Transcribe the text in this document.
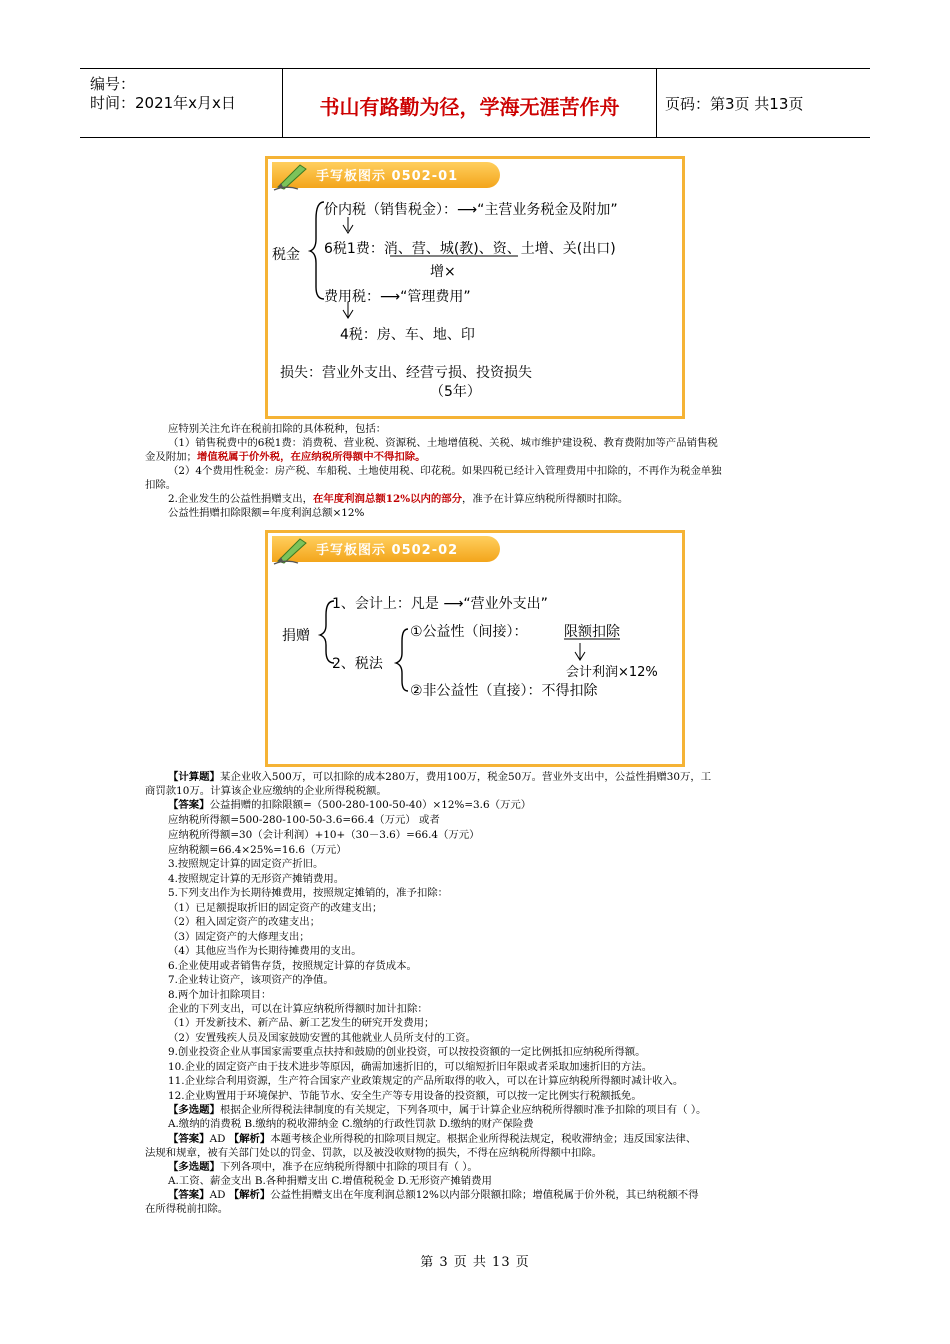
编号：
时间：2021年x月x日	书山有路勤为径，学海无涯苦作舟	页码：第3页 共13页
手写板图示 0502-01
税金
价内税（销售税金）：⟶“主营业务税金及附加”
6税1费：消、营、城(教)、资、土增、关(出口)
增×
费用税：⟶“管理费用”
4税：房、车、地、印
损失：营业外支出、经营亏损、投资损失
（5年）
应特别关注允许在税前扣除的具体税种，包括：
（1）销售税费中的6税1费：消费税、营业税、资源税、土地增值税、关税、城市维护建设税、教育费附加等产品销售税
金及附加；增值税属于价外税，在应纳税所得额中不得扣除。
（2）4个费用性税金：房产税、车船税、土地使用税、印花税。如果四税已经计入管理费用中扣除的，不再作为税金单独
扣除。
2.企业发生的公益性捐赠支出，在年度利润总额12%以内的部分，准予在计算应纳税所得额时扣除。
公益性捐赠扣除限额=年度利润总额×12%
手写板图示 0502-02
捐赠
1、会计上：凡是 ⟶“营业外支出”
2、税法
①公益性（间接）：	限额扣除
会计利润×12%
②非公益性（直接）：不得扣除
【计算题】某企业收入500万，可以扣除的成本280万，费用100万，税金50万。营业外支出中，公益性捐赠30万，工
商罚款10万。计算该企业应缴纳的企业所得税税额。
【答案】公益捐赠的扣除限额=（500-280-100-50-40）×12%=3.6（万元）
应纳税所得额=500-280-100-50-3.6=66.4（万元） 或者
应纳税所得额=30（会计利润）+10+（30－3.6）=66.4（万元）
应纳税额=66.4×25%=16.6（万元）
3.按照规定计算的固定资产折旧。
4.按照规定计算的无形资产摊销费用。
5.下列支出作为长期待摊费用，按照规定摊销的，准予扣除：
（1）已足额提取折旧的固定资产的改建支出；
（2）租入固定资产的改建支出；
（3）固定资产的大修理支出；
（4）其他应当作为长期待摊费用的支出。
6.企业使用或者销售存货，按照规定计算的存货成本。
7.企业转让资产，该项资产的净值。
8.两个加计扣除项目：
企业的下列支出，可以在计算应纳税所得额时加计扣除：
（1）开发新技术、新产品、新工艺发生的研究开发费用；
（2）安置残疾人员及国家鼓励安置的其他就业人员所支付的工资。
9.创业投资企业从事国家需要重点扶持和鼓励的创业投资，可以按投资额的一定比例抵扣应纳税所得额。
10.企业的固定资产由于技术进步等原因，确需加速折旧的，可以缩短折旧年限或者采取加速折旧的方法。
11.企业综合利用资源，生产符合国家产业政策规定的产品所取得的收入，可以在计算应纳税所得额时减计收入。
12.企业购置用于环境保护、节能节水、安全生产等专用设备的投资额，可以按一定比例实行税额抵免。
【多选题】根据企业所得税法律制度的有关规定，下列各项中，属于计算企业应纳税所得额时准予扣除的项目有（ ）。
A.缴纳的消费税 B.缴纳的税收滞纳金 C.缴纳的行政性罚款 D.缴纳的财产保险费
【答案】AD 【解析】本题考核企业所得税的扣除项目规定。根据企业所得税法规定，税收滞纳金；违反国家法律、
法规和规章，被有关部门处以的罚金、罚款，以及被没收财物的损失，不得在应纳税所得额中扣除。
【多选题】下列各项中，准予在应纳税所得额中扣除的项目有（ ）。
A.工资、薪金支出 B.各种捐赠支出 C.增值税税金 D.无形资产摊销费用
【答案】AD 【解析】公益性捐赠支出在年度利润总额12%以内部分限额扣除；增值税属于价外税，其已纳税额不得
在所得税前扣除。
第 3 页 共 13 页
